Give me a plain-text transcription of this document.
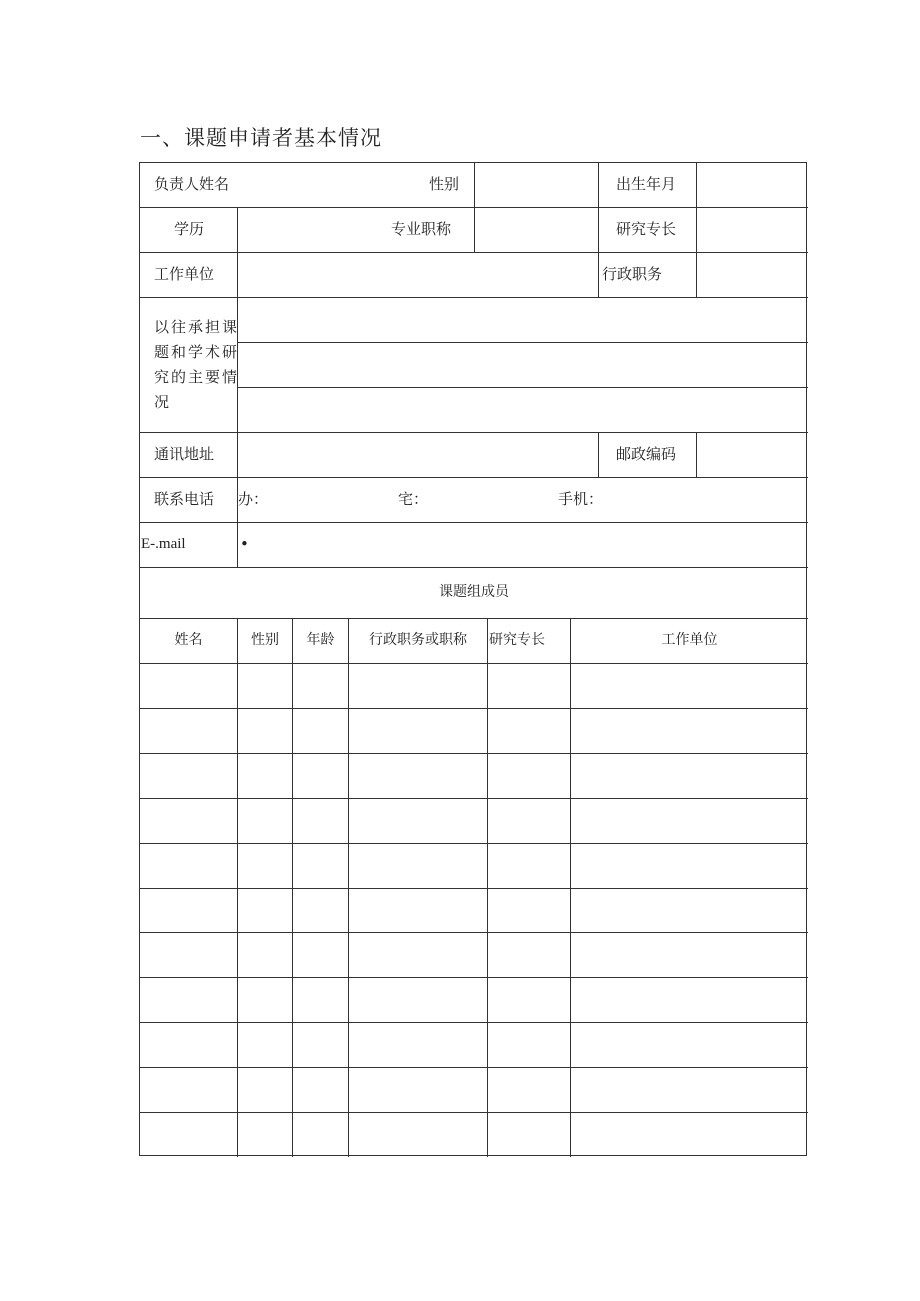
一、课题申请者基本情况
负责人姓名	性别	出生年月
学历	专业职称	研究专长
工作单位	行政职务
以往承担课题和学术研究的主要情况
通讯地址	邮政编码
联系电话 办：	宅：	手机：
E-.mail	•
课题组成员
姓名	性别	年龄	行政职务或职称	研究专长	工作单位
